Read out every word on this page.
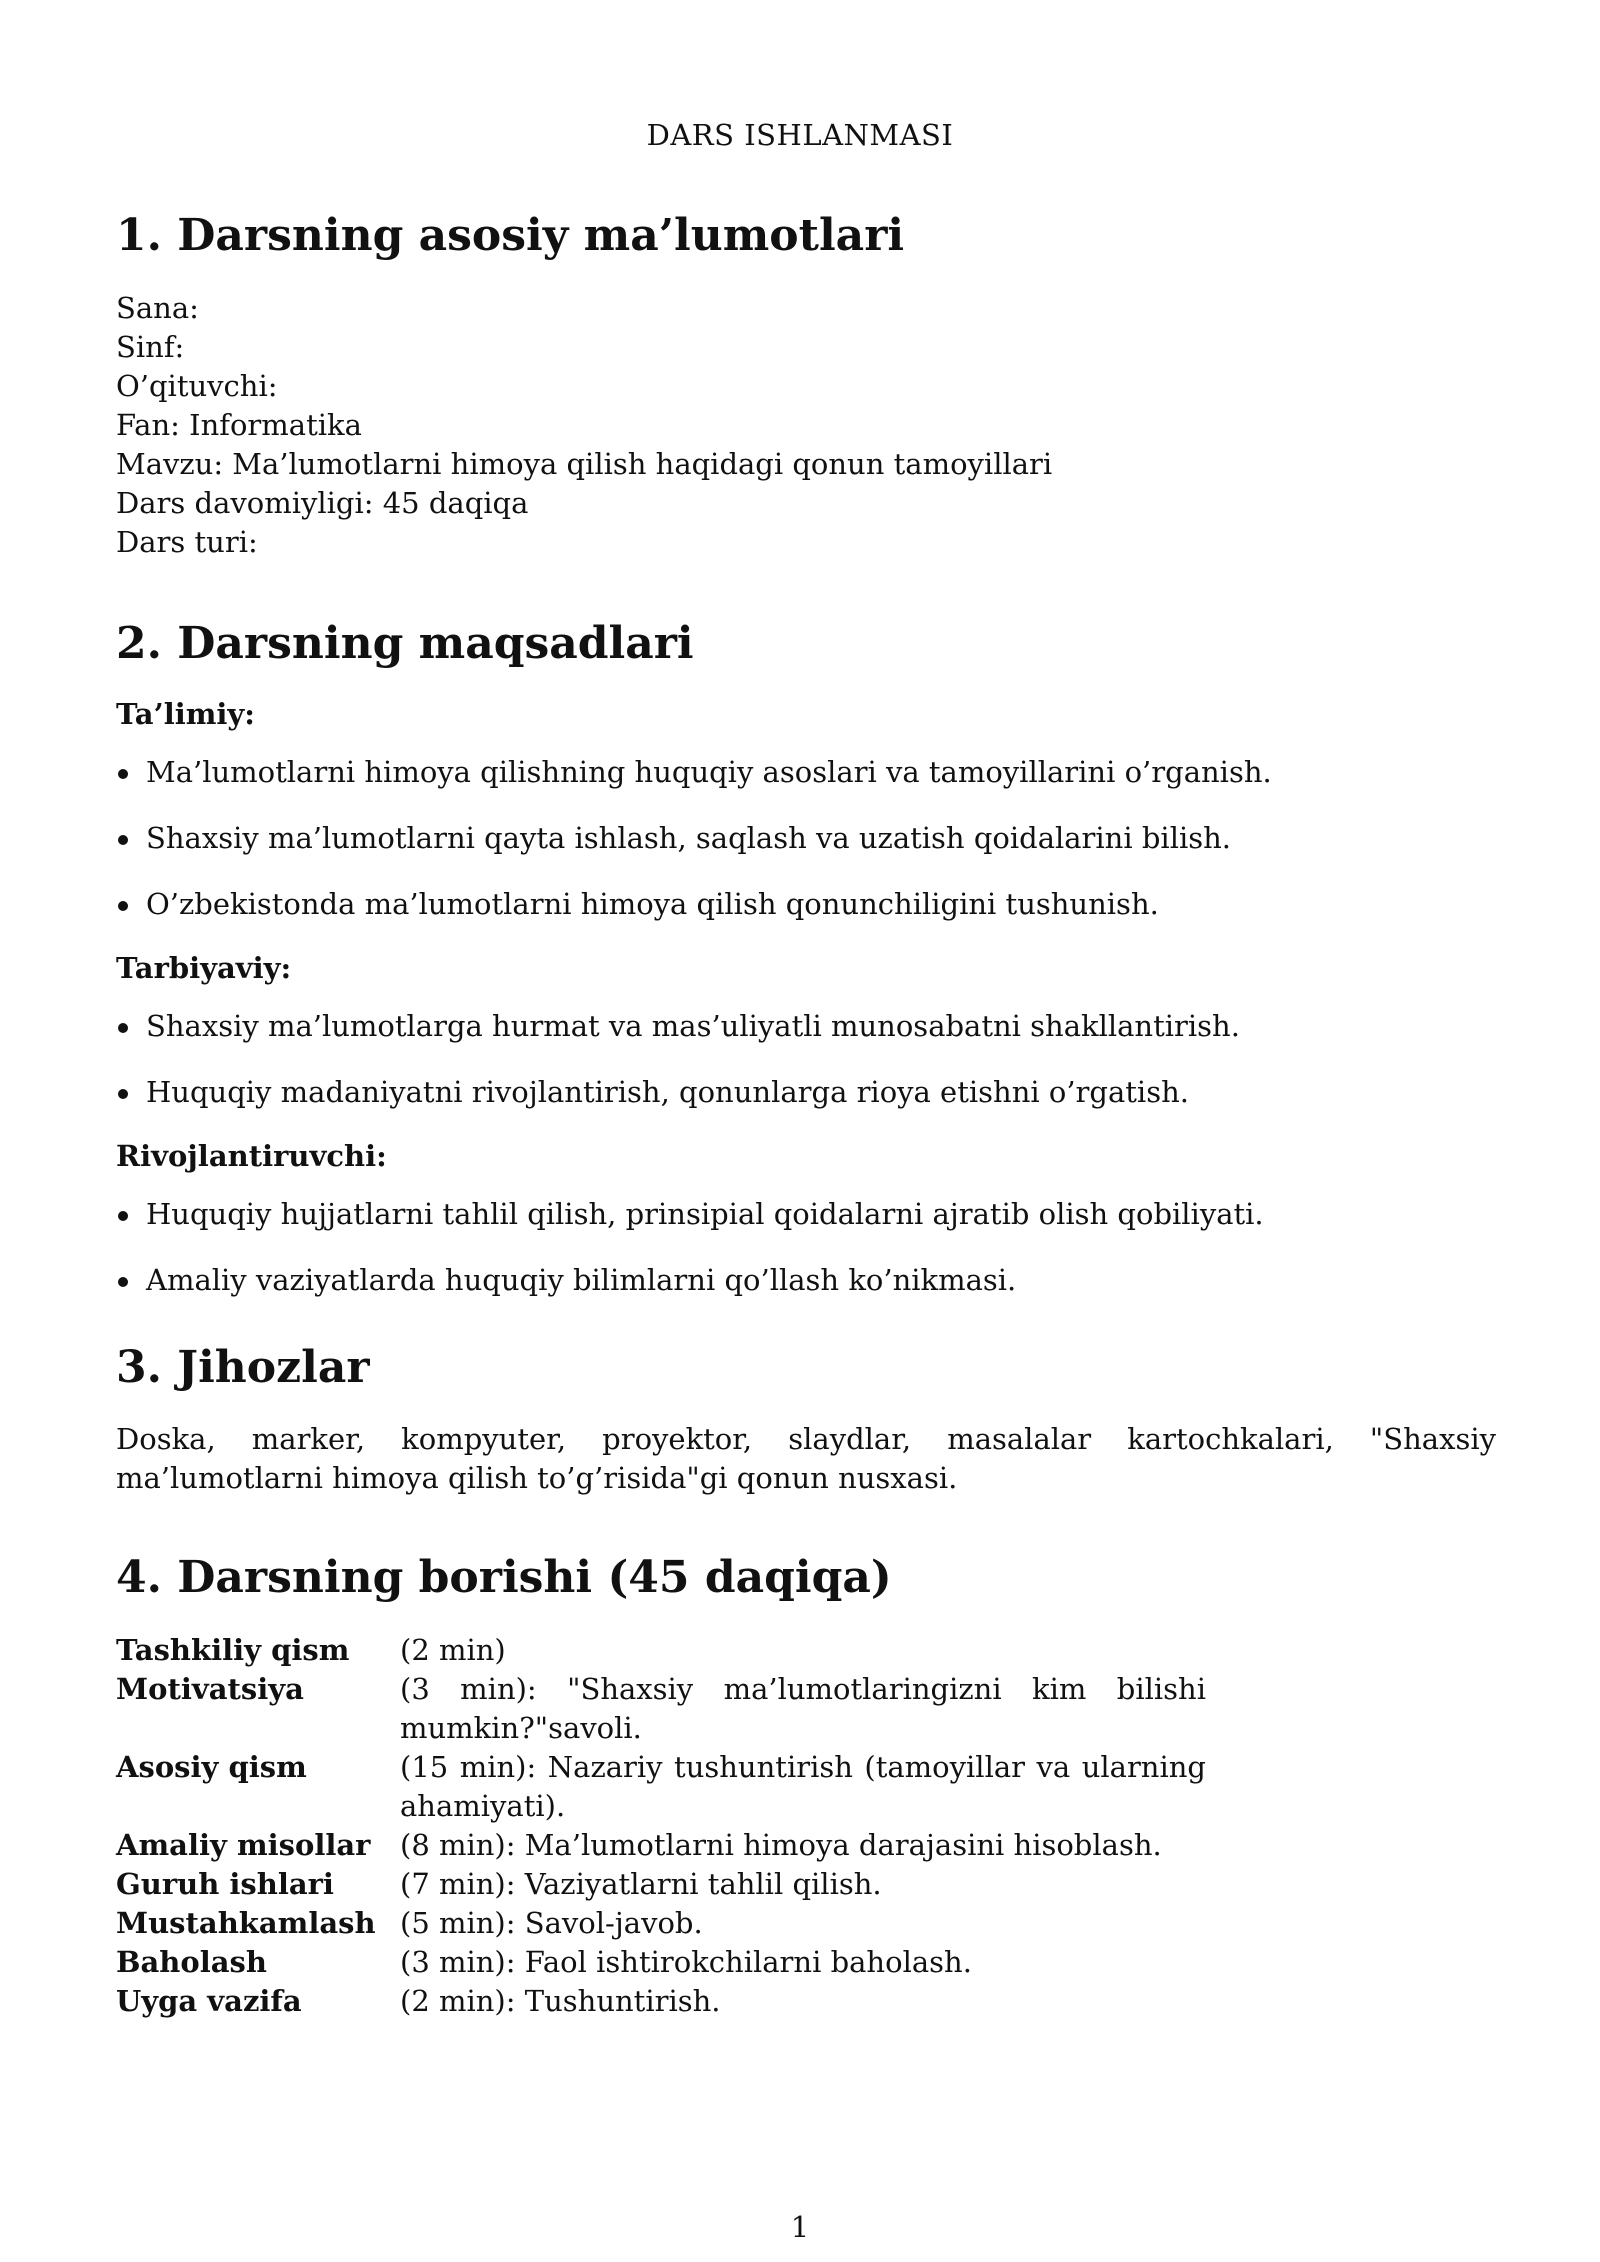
DARS ISHLANMASI
1. Darsning asosiy ma’lumotlari
Sana:
Sinf:
O’qituvchi:
Fan: Informatika
Mavzu: Ma’lumotlarni himoya qilish haqidagi qonun tamoyillari
Dars davomiyligi: 45 daqiqa
Dars turi:
2. Darsning maqsadlari
Ta’limiy:
Ma’lumotlarni himoya qilishning huquqiy asoslari va tamoyillarini o’rganish.
Shaxsiy ma’lumotlarni qayta ishlash, saqlash va uzatish qoidalarini bilish.
O’zbekistonda ma’lumotlarni himoya qilish qonunchiligini tushunish.
Tarbiyaviy:
Shaxsiy ma’lumotlarga hurmat va mas’uliyatli munosabatni shakllantirish.
Huquqiy madaniyatni rivojlantirish, qonunlarga rioya etishni o’rgatish.
Rivojlantiruvchi:
Huquqiy hujjatlarni tahlil qilish, prinsipial qoidalarni ajratib olish qobiliyati.
Amaliy vaziyatlarda huquqiy bilimlarni qo’llash ko’nikmasi.
3. Jihozlar
Doska, marker, kompyuter, proyektor, slaydlar, masalalar kartochkalari, "Shaxsiy ma’lumotlarni himoya qilish to’g’risida"gi qonun nusxasi.
4. Darsning borishi (45 daqiqa)
Tashkiliy qism	(2 min)
Motivatsiya	(3 min): "Shaxsiy ma’lumotlaringizni kim bilishi mumkin?"savoli.
Asosiy qism	(15 min): Nazariy tushuntirish (tamoyillar va ularning ahamiyati).
Amaliy misollar	(8 min): Ma’lumotlarni himoya darajasini hisoblash.
Guruh ishlari	(7 min): Vaziyatlarni tahlil qilish.
Mustahkamlash	(5 min): Savol-javob.
Baholash	(3 min): Faol ishtirokchilarni baholash.
Uyga vazifa	(2 min): Tushuntirish.
1
